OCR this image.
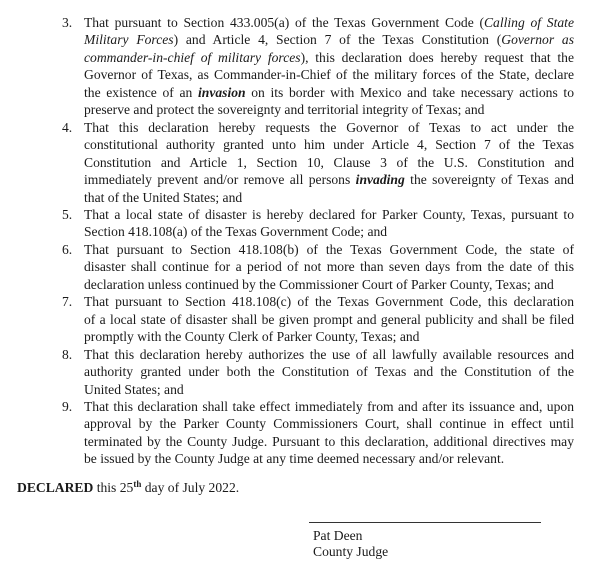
3. That pursuant to Section 433.005(a) of the Texas Government Code (Calling of State
Military Forces) and Article 4, Section 7 of the Texas Constitution (Governor as
commander-in-chief of military forces), this declaration does hereby request that the
Governor of Texas, as Commander-in-Chief of the military forces of the State, declare
the existence of an invasion on its border with Mexico and take necessary actions to
preserve and protect the sovereignty and territorial integrity of Texas; and
4. That this declaration hereby requests the Governor of Texas to act under the
constitutional authority granted unto him under Article 4, Section 7 of the Texas
Constitution and Article 1, Section 10, Clause 3 of the U.S. Constitution and
immediately prevent and/or remove all persons invading the sovereignty of Texas and
that of the United States; and
5. That a local state of disaster is hereby declared for Parker County, Texas, pursuant to
Section 418.108(a) of the Texas Government Code; and
6. That pursuant to Section 418.108(b) of the Texas Government Code, the state of
disaster shall continue for a period of not more than seven days from the date of this
declaration unless continued by the Commissioner Court of Parker County, Texas; and
7. That pursuant to Section 418.108(c) of the Texas Government Code, this declaration
of a local state of disaster shall be given prompt and general publicity and shall be filed
promptly with the County Clerk of Parker County, Texas; and
8. That this declaration hereby authorizes the use of all lawfully available resources and
authority granted under both the Constitution of Texas and the Constitution of the
United States; and
9. That this declaration shall take effect immediately from and after its issuance and, upon
approval by the Parker County Commissioners Court, shall continue in effect until
terminated by the County Judge. Pursuant to this declaration, additional directives may
be issued by the County Judge at any time deemed necessary and/or relevant.
DECLARED this 25th day of July 2022.
Pat Deen
County Judge
